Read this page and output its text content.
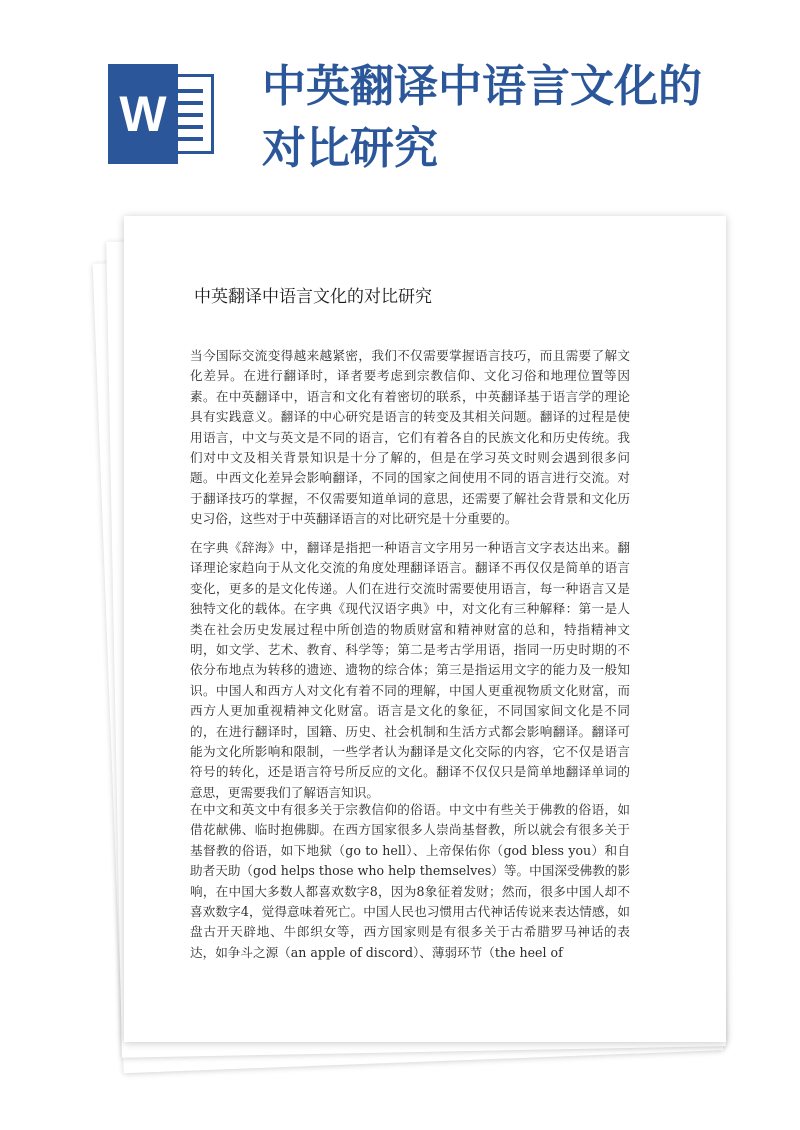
W 中英翻译中语言文化的对比研究
中英翻译中语言文化的对比研究

当今国际交流变得越来越紧密，我们不仅需要掌握语言技巧，而且需要了解文化差异。在进行翻译时，译者要考虑到宗教信仰、文化习俗和地理位置等因素。在中英翻译中，语言和文化有着密切的联系，中英翻译基于语言学的理论具有实践意义。翻译的中心研究是语言的转变及其相关问题。翻译的过程是使用语言，中文与英文是不同的语言，它们有着各自的民族文化和历史传统。我们对中文及相关背景知识是十分了解的，但是在学习英文时则会遇到很多问题。中西文化差异会影响翻译，不同的国家之间使用不同的语言进行交流。对于翻译技巧的掌握，不仅需要知道单词的意思，还需要了解社会背景和文化历史习俗，这些对于中英翻译语言的对比研究是十分重要的。

在字典《辞海》中，翻译是指把一种语言文字用另一种语言文字表达出来。翻译理论家趋向于从文化交流的角度处理翻译语言。翻译不再仅仅是简单的语言变化，更多的是文化传递。人们在进行交流时需要使用语言，每一种语言又是独特文化的载体。在字典《现代汉语字典》中，对文化有三种解释：第一是人类在社会历史发展过程中所创造的物质财富和精神财富的总和，特指精神文明，如文学、艺术、教育、科学等；第二是考古学用语，指同一历史时期的不依分布地点为转移的遗迹、遗物的综合体；第三是指运用文字的能力及一般知识。中国人和西方人对文化有着不同的理解，中国人更重视物质文化财富，而西方人更加重视精神文化财富。语言是文化的象征，不同国家间文化是不同的，在进行翻译时，国籍、历史、社会机制和生活方式都会影响翻译。翻译可能为文化所影响和限制，一些学者认为翻译是文化交际的内容，它不仅是语言符号的转化，还是语言符号所反应的文化。翻译不仅仅只是简单地翻译单词的意思，更需要我们了解语言知识。

在中文和英文中有很多关于宗教信仰的俗语。中文中有些关于佛教的俗语，如借花献佛、临时抱佛脚。在西方国家很多人崇尚基督教，所以就会有很多关于基督教的俗语，如下地狱（go to hell）、上帝保佑你（god bless you）和自助者天助（god helps those who help themselves）等。中国深受佛教的影响，在中国大多数人都喜欢数字8，因为8象征着发财；然而，很多中国人却不喜欢数字4，觉得意味着死亡。中国人民也习惯用古代神话传说来表达情感，如盘古开天辟地、牛郎织女等，西方国家则是有很多关于古希腊罗马神话的表达，如争斗之源（an apple of discord）、薄弱环节（the heel of
